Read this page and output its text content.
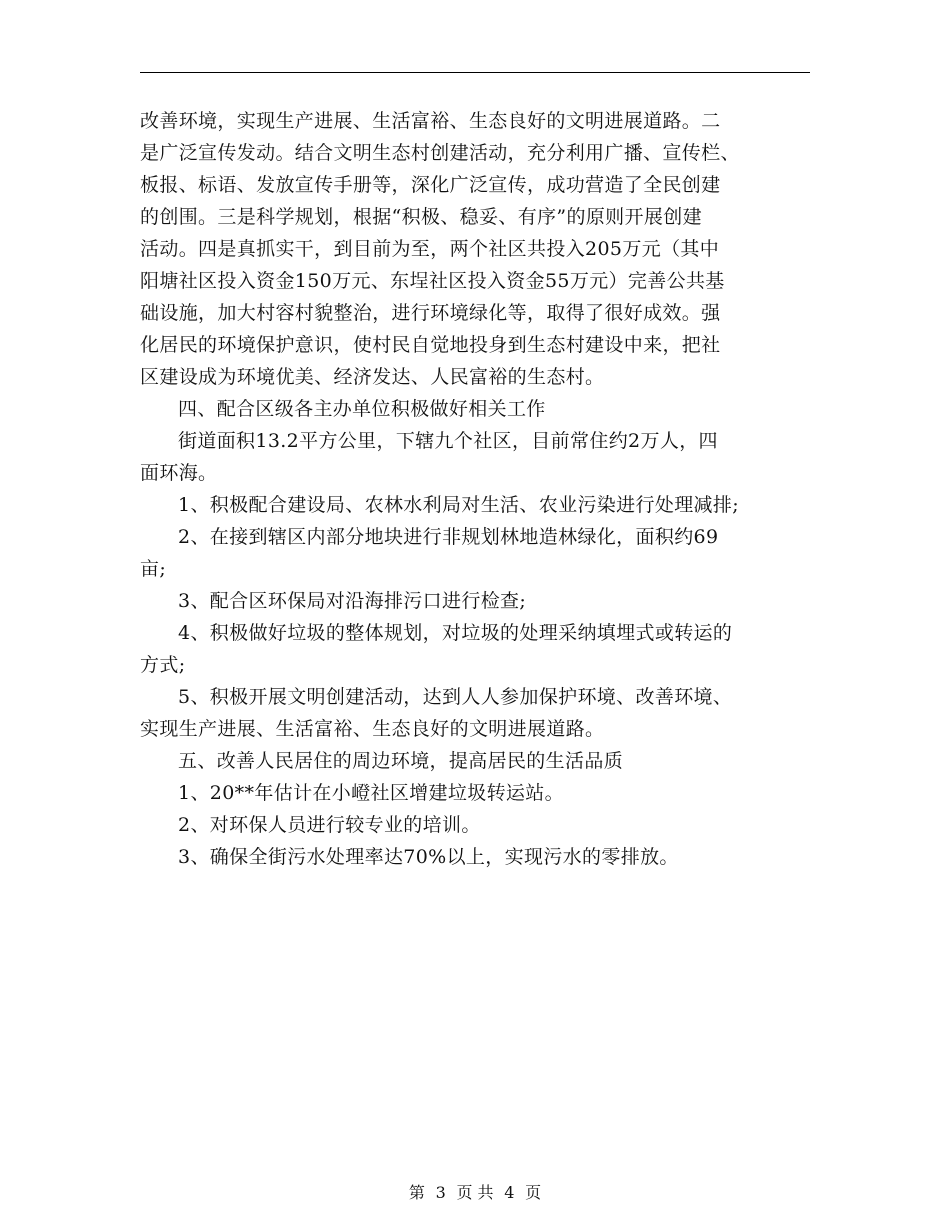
改善环境，实现生产进展、生活富裕、生态良好的文明进展道路。二
是广泛宣传发动。结合文明生态村创建活动，充分利用广播、宣传栏、
板报、标语、发放宣传手册等，深化广泛宣传，成功营造了全民创建
的创围。三是科学规划，根据“积极、稳妥、有序”的原则开展创建
活动。四是真抓实干，到目前为至，两个社区共投入205万元（其中
阳塘社区投入资金150万元、东埕社区投入资金55万元）完善公共基
础设施，加大村容村貌整治，进行环境绿化等，取得了很好成效。强
化居民的环境保护意识，使村民自觉地投身到生态村建设中来，把社
区建设成为环境优美、经济发达、人民富裕的生态村。
四、配合区级各主办单位积极做好相关工作
街道面积13.2平方公里，下辖九个社区，目前常住约2万人，四
面环海。
1、积极配合建设局、农林水利局对生活、农业污染进行处理减排;
2、在接到辖区内部分地块进行非规划林地造林绿化，面积约69
亩;
3、配合区环保局对沿海排污口进行检查;
4、积极做好垃圾的整体规划，对垃圾的处理采纳填埋式或转运的
方式;
5、积极开展文明创建活动，达到人人参加保护环境、改善环境、
实现生产进展、生活富裕、生态良好的文明进展道路。
五、改善人民居住的周边环境，提高居民的生活品质
1、20**年估计在小嶝社区增建垃圾转运站。
2、对环保人员进行较专业的培训。
3、确保全街污水处理率达70%以上，实现污水的零排放。
第 3 页 共 4 页
